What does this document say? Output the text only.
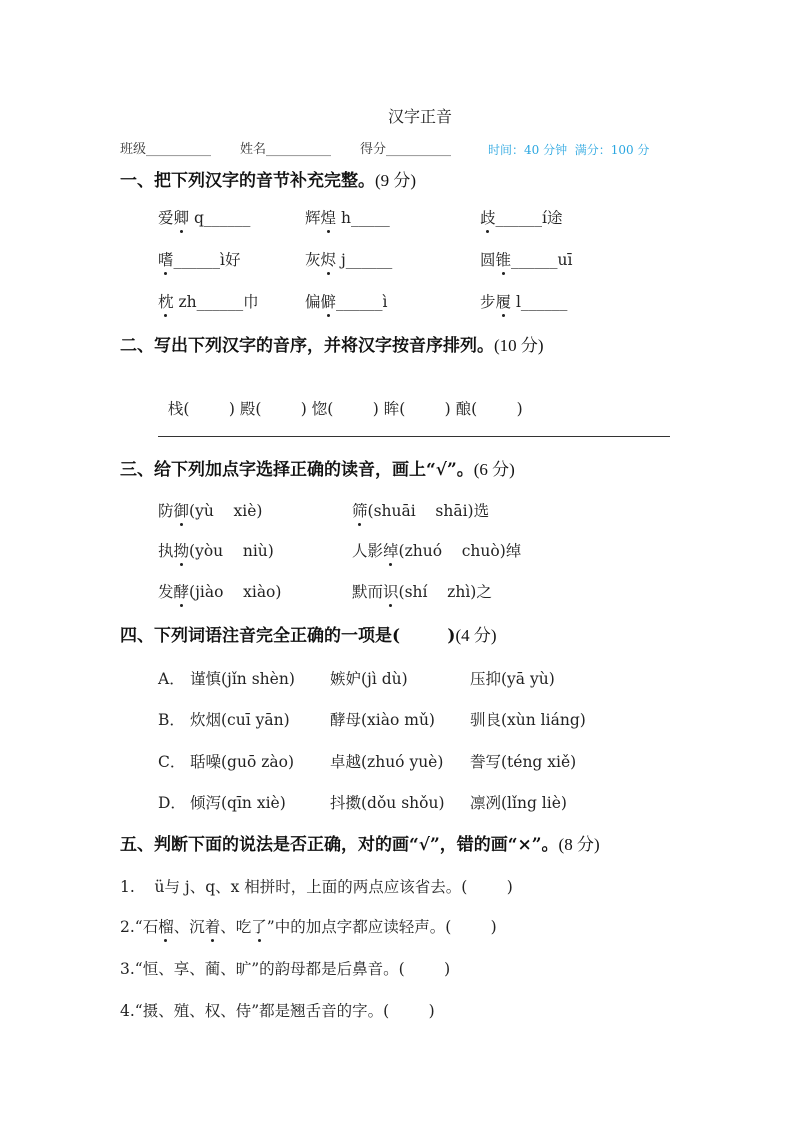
汉字正音
班级__________ 姓名__________ 得分__________	时间：40 分钟  满分：100 分
一、把下列汉字的音节补充完整。(9 分)
二、写出下列汉字的音序，并将汉字按音序排列。(10 分)

栈(        ) 殿(        ) 惚(        ) 眸(        ) 酿(        )

三、给下列加点字选择正确的读音，画上“√”。(6 分)
四、下列词语注音完全正确的一项是(        )(4 分)
五、判断下面的说法是否正确，对的画“√”，错的画“×”。(8 分)
爱卿 q______	辉煌 h_____	歧______í途
嗜______ì好	灰烬 j______	圆锥______uī
枕 zh______巾	偏僻______ì	步履 l______
防御(yù    xiè)	筛(shuāi    shāi)选
执拗(yòu    niù)	人影绰(zhuó    chuò)绰
发酵(jiào    xiào)	默而识(shí    zhì)之
A． 谨慎(jǐn shèn) 嫉妒(jì dù)	压抑(yā yù)
B． 炊烟(cuī yān)	酵母(xiào mǔ) 驯良(xùn liáng)
C． 聒噪(guō zào) 卓越(zhuó yuè) 誊写(téng xiě)
D． 倾泻(qīn xiè)	抖擞(dǒu shǒu) 凛冽(lǐng liè)
1.    ü与 j、q、x 相拼时，上面的两点应该省去。(        )
2.“石榴、沉着、吃了”中的加点字都应读轻声。(        )
3.“恒、享、蔺、旷”的韵母都是后鼻音。(        )
4.“摄、殖、权、侍”都是翘舌音的字。(        )
